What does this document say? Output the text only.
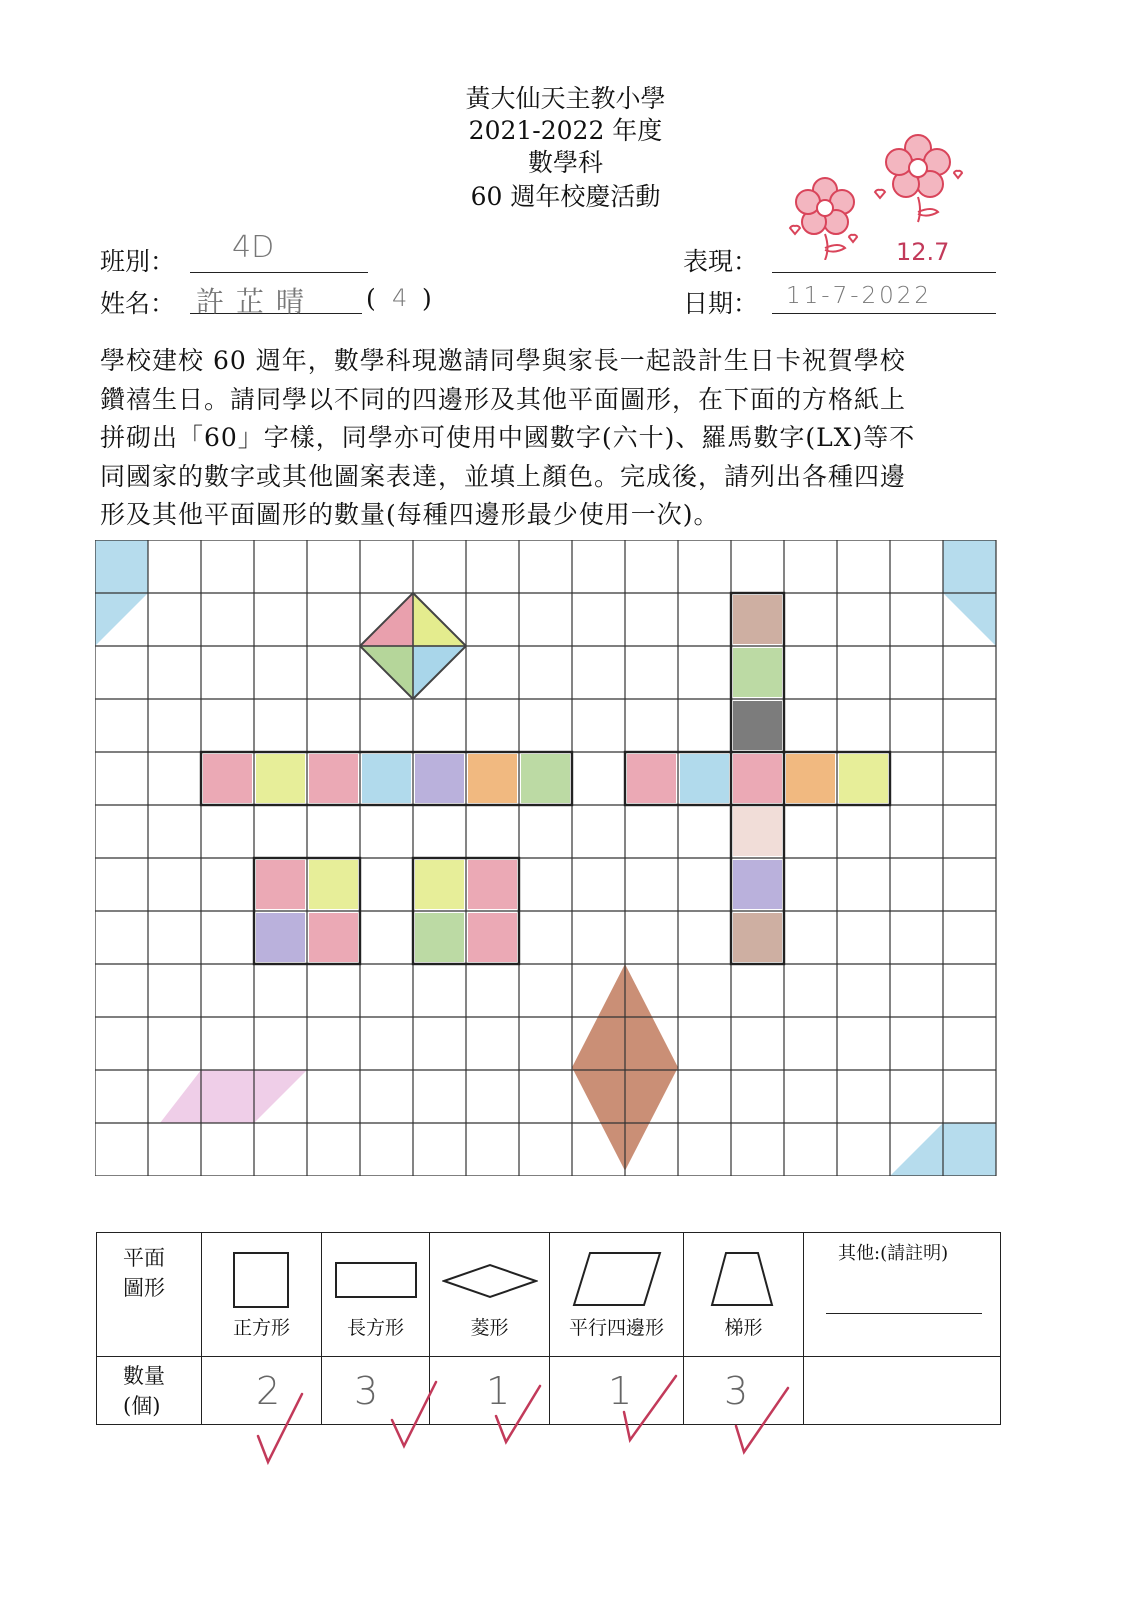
黃大仙天主教小學
2021-2022 年度
數學科
60 週年校慶活動
班別： 4D
姓名： 許芷晴 ( 4 )
表現：	12.7
日期： 11-7-2022
學校建校 60 週年，數學科現邀請同學與家長一起設計生日卡祝賀學校
鑽禧生日。請同學以不同的四邊形及其他平面圖形，在下面的方格紙上
拼砌出「60」字樣，同學亦可使用中國數字(六十)、羅馬數字(LX)等不
同國家的數字或其他圖案表達，並填上顏色。完成後，請列出各種四邊
形及其他平面圖形的數量(每種四邊形最少使用一次)。
平面
圖形	正方形	長方形	菱形	平行四邊形	梯形	其他:(請註明)

數量
(個)	2	3	1	1	3	
